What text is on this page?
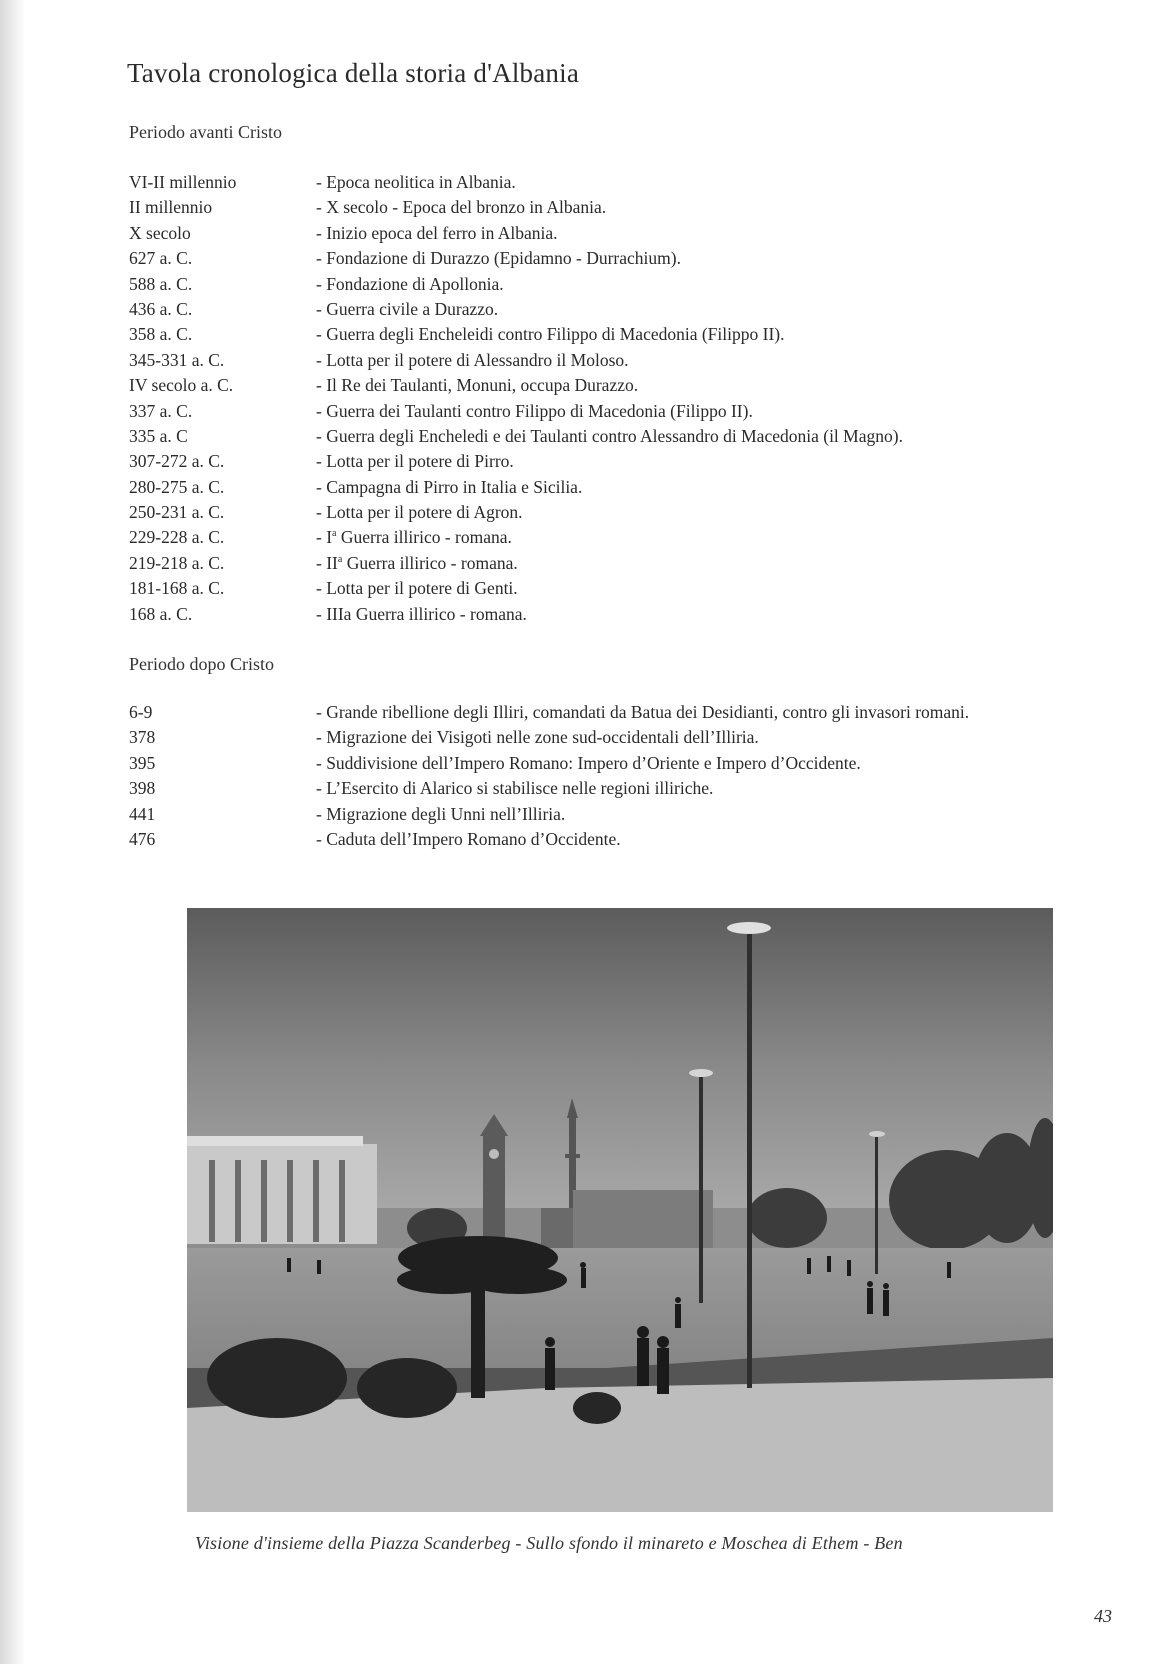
Tavola cronologica della storia d'Albania
Periodo avanti Cristo
VI-II millennio	- Epoca neolitica in Albania.
II millennio	- X secolo - Epoca del bronzo in Albania.
X secolo	- Inizio epoca del ferro in Albania.
627 a. C.	- Fondazione di Durazzo (Epidamno - Durrachium).
588 a. C.	- Fondazione di Apollonia.
436 a. C.	- Guerra civile a Durazzo.
358 a. C.	- Guerra degli Encheleidi contro Filippo di Macedonia (Filippo II).
345-331 a. C.	- Lotta per il potere di Alessandro il Moloso.
IV secolo a. C.	- Il Re dei Taulanti, Monuni, occupa Durazzo.
337 a. C.	- Guerra dei Taulanti contro Filippo di Macedonia (Filippo II).
335 a. C	- Guerra degli Encheledi e dei Taulanti contro Alessandro di Macedonia (il Magno).
307-272 a. C.	- Lotta per il potere di Pirro.
280-275 a. C.	- Campagna di Pirro in Italia e Sicilia.
250-231 a. C.	- Lotta per il potere di Agron.
229-228 a. C.	- $I^a$ Guerra illirico - romana.
219-218 a. C.	- $II^a$ Guerra illirico - romana.
181-168 a. C.	- Lotta per il potere di Genti.
168 a. C.	- IIIa Guerra illirico - romana.
Periodo dopo Cristo
6-9	- Grande ribellione degli Illiri, comandati da Batua dei Desidianti, contro gli invasori romani.
378	- Migrazione dei Visigoti nelle zone sud-occidentali dell’Illiria.
395	- Suddivisione dell’Impero Romano: Impero d’Oriente e Impero d’Occidente.
398	- L’Esercito di Alarico si stabilisce nelle regioni illiriche.
441	- Migrazione degli Unni nell’Illiria.
476	- Caduta dell’Impero Romano d’Occidente.
Visione d'insieme della Piazza Scanderbeg - Sullo sfondo il minareto e Moschea di Ethem - Ben
43
